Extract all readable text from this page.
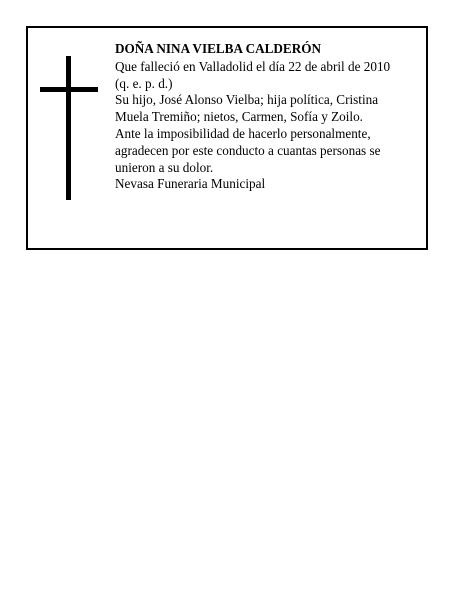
DOÑA NINA VIELBA CALDERÓN

Que falleció en Valladolid el día 22 de abril de 2010

(q. e. p. d.)

Su hijo, José Alonso Vielba; hija política, Cristina

Muela Tremiño; nietos, Carmen, Sofía y Zoilo.

Ante la imposibilidad de hacerlo personalmente,

agradecen por este conducto a cuantas personas se

unieron a su dolor.

Nevasa Funeraria Municipal
